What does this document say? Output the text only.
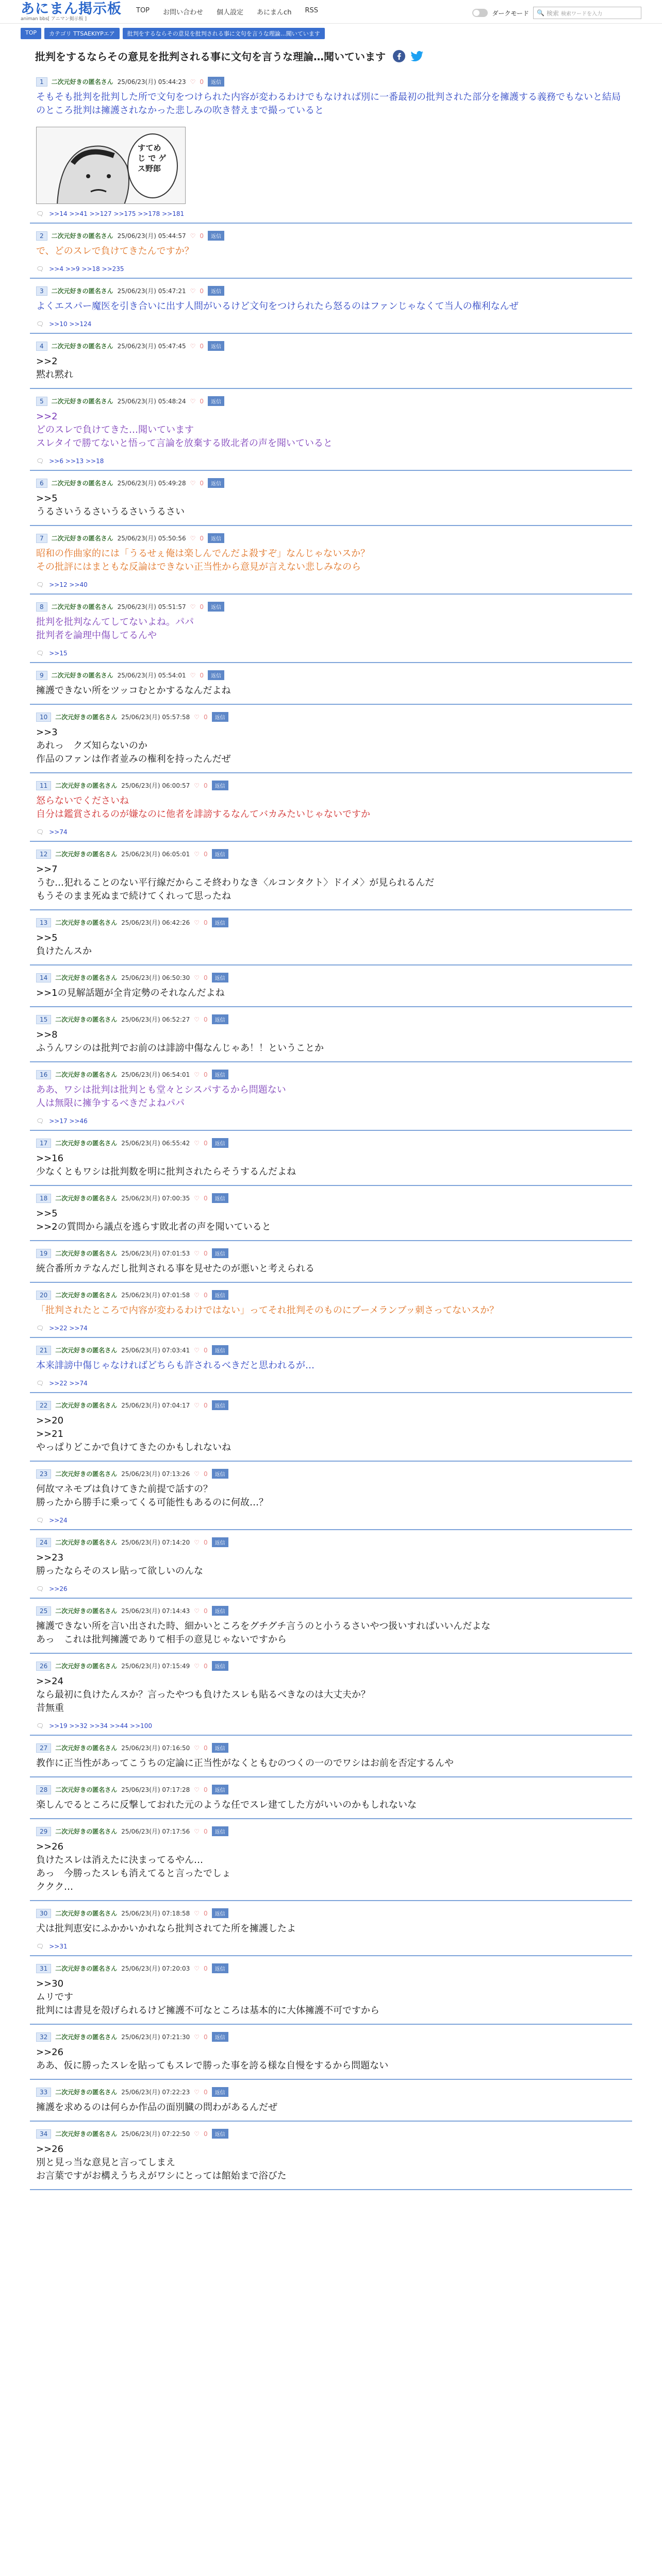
あにまん掲示板
animan bbs[ アニマン掲示板 ]
TOP お問い合わせ 個人設定 あにまんch RSS	ダークモード 🔍 検索 検索ワードを入力
TOP	カテゴリ TTSAEKIYPエア	批判をするならその意見を批判される事に文句を言うな理論…聞いています
批判をするならその意見を批判される事に文句を言うな理論…聞いています
1	二次元好きの匿名さん 25/06/23(月) 05:44:23 ♡ 0	返信
そもそも批判を批判した所で文句をつけられた内容が変わるわけでもなければ別に一番最初の批判された部分を擁護する義務でもないと結局のところ批判は擁護されなかった悲しみの吹き替えまで撮っていると
すてめ じ で ゲス野郎
🗨 >>14 >>41 >>127 >>175 >>178 >>181
2	二次元好きの匿名さん 25/06/23(月) 05:44:57 ♡ 0	返信
で、どのスレで負けてきたんですか？
🗨 >>4 >>9 >>18 >>235
3	二次元好きの匿名さん 25/06/23(月) 05:47:21 ♡ 0	返信
よくエスパー魔医を引き合いに出す人間がいるけど文句をつけられたら怒るのはファンじゃなくて当人の権利なんぜ
🗨 >>10 >>124
4	二次元好きの匿名さん 25/06/23(月) 05:47:45 ♡ 0	返信
>>2
黙れ黙れ
5	二次元好きの匿名さん 25/06/23(月) 05:48:24 ♡ 0	返信
>>2
どのスレで負けてきた…聞いています
スレタイで勝てないと悟って言論を放棄する敗北者の声を聞いていると
🗨 >>6 >>13 >>18
6	二次元好きの匿名さん 25/06/23(月) 05:49:28 ♡ 0	返信
>>5
うるさいうるさいうるさいうるさい
7	二次元好きの匿名さん 25/06/23(月) 05:50:56 ♡ 0	返信
昭和の作曲家的には「うるせぇ俺は楽しんでんだよ殺すぞ」なんじゃないスか？
その批評にはまともな反論はできない正当性から意見が言えない悲しみなのら
🗨 >>12 >>40
8	二次元好きの匿名さん 25/06/23(月) 05:51:57 ♡ 0	返信
批判を批判なんてしてないよね。パパ
批判者を論理中傷してるんや
🗨 >>15
9	二次元好きの匿名さん 25/06/23(月) 05:54:01 ♡ 0	返信
擁護できない所をツッコむとかするなんだよね
10	二次元好きの匿名さん 25/06/23(月) 05:57:58 ♡ 0	返信
>>3
あれっ　クズ知らないのか
作品のファンは作者並みの権利を持ったんだぜ
11	二次元好きの匿名さん 25/06/23(月) 06:00:57 ♡ 0	返信
怒らないでくださいね
自分は鑑賞されるのが嫌なのに他者を誹謗するなんてバカみたいじゃないですか
🗨 >>74
12	二次元好きの匿名さん 25/06/23(月) 06:05:01 ♡ 0	返信
>>7
うむ…犯れることのない平行線だからこそ終わりなき〈ルコンタクト〉ドイメ〉が見られるんだ
もうそのまま死ぬまで続けてくれって思ったね
13	二次元好きの匿名さん 25/06/23(月) 06:42:26 ♡ 0	返信
>>5
負けたんスか
14	二次元好きの匿名さん 25/06/23(月) 06:50:30 ♡ 0	返信
>>1の見解話題が全肯定勢のそれなんだよね
15	二次元好きの匿名さん 25/06/23(月) 06:52:27 ♡ 0	返信
>>8
ふうんワシのは批判でお前のは誹謗中傷なんじゃあ！！ということか
16	二次元好きの匿名さん 25/06/23(月) 06:54:01 ♡ 0	返信
ああ、ワシは批判は批判とも堂々とシスパするから問題ない
人は無限に擁争するべきだよねパパ
🗨 >>17 >>46
17	二次元好きの匿名さん 25/06/23(月) 06:55:42 ♡ 0	返信
>>16
少なくともワシは批判数を明に批判されたらそうするんだよね
18	二次元好きの匿名さん 25/06/23(月) 07:00:35 ♡ 0	返信
>>5
>>2の質問から議点を逃らす敗北者の声を聞いていると
19	二次元好きの匿名さん 25/06/23(月) 07:01:53 ♡ 0	返信
統合番所カテなんだし批判される事を見せたのが悪いと考えられる
20	二次元好きの匿名さん 25/06/23(月) 07:01:58 ♡ 0	返信
「批判されたところで内容が変わるわけではない」ってそれ批判そのものにブーメランブッ刺さってないスか？
🗨 >>22 >>74
21	二次元好きの匿名さん 25/06/23(月) 07:03:41 ♡ 0	返信
本来誹謗中傷じゃなければどちらも許されるべきだと思われるが…
🗨 >>22 >>74
22	二次元好きの匿名さん 25/06/23(月) 07:04:17 ♡ 0	返信
>>20
>>21
やっぱりどこかで負けてきたのかもしれないね
23	二次元好きの匿名さん 25/06/23(月) 07:13:26 ♡ 0	返信
何故マネモブは負けてきた前提で話すの？
勝ったから勝手に乗ってくる可能性もあるのに何故…？
🗨 >>24
24	二次元好きの匿名さん 25/06/23(月) 07:14:20 ♡ 0	返信
>>23
勝ったならそのスレ貼って欲しいのんな
🗨 >>26
25	二次元好きの匿名さん 25/06/23(月) 07:14:43 ♡ 0	返信
擁護できない所を言い出された時、細かいところをグチグチ言うのと小うるさいやつ扱いすればいいんだよな
あっ　これは批判擁護でありて相手の意見じゃないですから
26	二次元好きの匿名さん 25/06/23(月) 07:15:49 ♡ 0	返信
>>24
なら最初に負けたんスか？言ったやつも負けたスレも貼るべきなのは大丈夫か？
昔無重
🗨 >>19 >>32 >>34 >>44 >>100
27	二次元好きの匿名さん 25/06/23(月) 07:16:50 ♡ 0	返信
教作に正当性があってこうちの定論に正当性がなくともむのつくの一のでワシはお前を否定するんや
28	二次元好きの匿名さん 25/06/23(月) 07:17:28 ♡ 0	返信
楽しんでるところに反撃しておれた元のような任でスレ建てした方がいいのかもしれないな
29	二次元好きの匿名さん 25/06/23(月) 07:17:56 ♡ 0	返信
>>26
負けたスレは消えたに決まってるやん…
あっ　今勝ったスレも消えてると言ったでしょ
ククク…
30	二次元好きの匿名さん 25/06/23(月) 07:18:58 ♡ 0	返信
犬は批判恵安にふかかいかれなら批判されてた所を擁護したよ
🗨 >>31
31	二次元好きの匿名さん 25/06/23(月) 07:20:03 ♡ 0	返信
>>30
ムリです
批判には書見を殻げられるけど擁護不可なところは基本的に大体擁護不可ですから
32	二次元好きの匿名さん 25/06/23(月) 07:21:30 ♡ 0	返信
>>26
ああ、仮に勝ったスレを貼ってもスレで勝った事を誇る様な自慢をするから問題ない
33	二次元好きの匿名さん 25/06/23(月) 07:22:23 ♡ 0	返信
擁護を求めるのは何らか作品の面別臓の問わがあるんだぜ
34	二次元好きの匿名さん 25/06/23(月) 07:22:50 ♡ 0	返信
>>26
別と見っ当な意見と言ってしまえ
お言葉ですがお構えうちえがワシにとっては館始まで浴びた
